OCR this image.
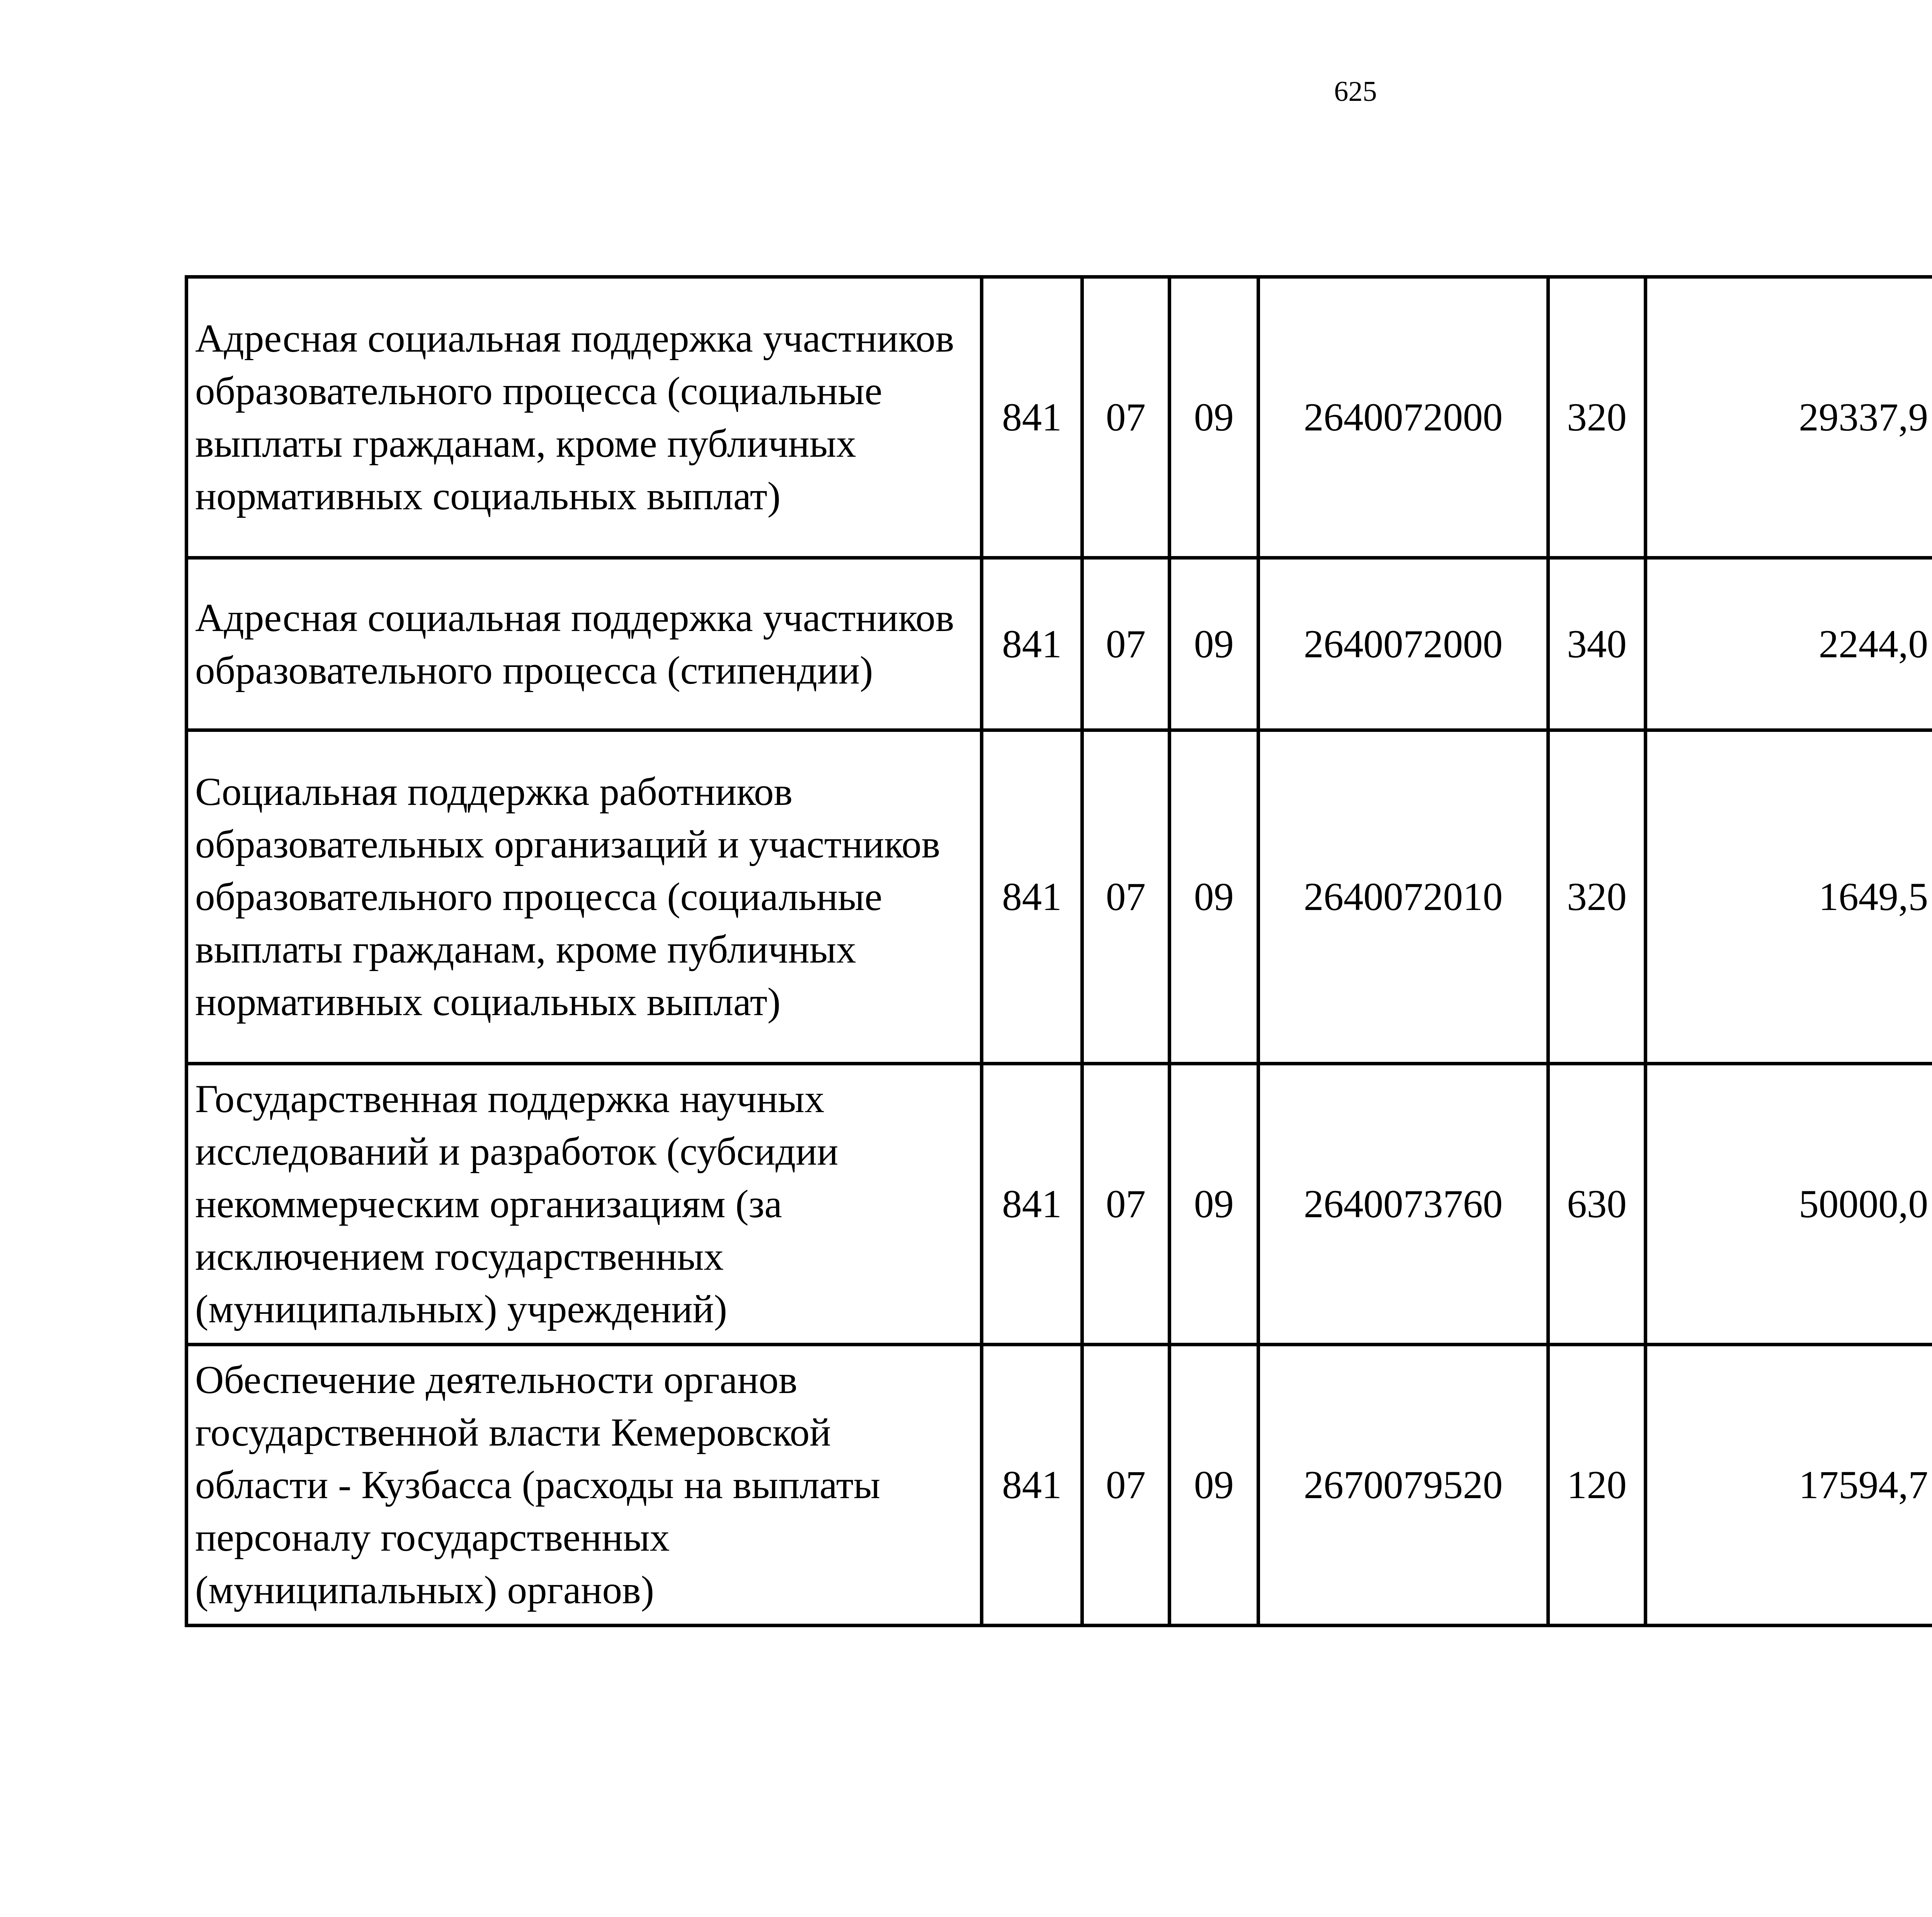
625
Адресная социальная поддержка участников образовательного процесса (социальные выплаты гражданам, кроме публичных нормативных социальных выплат)	841	07	09	2640072000	320	29337,9		
Адресная социальная поддержка участников образовательного процесса (стипендии)	841	07	09	2640072000	340	2244,0		
Социальная поддержка работников образовательных организаций и участников образовательного процесса (социальные выплаты гражданам, кроме публичных нормативных социальных выплат)	841	07	09	2640072010	320	1649,5		
Государственная поддержка научных исследований и разработок (субсидии некоммерческим организациям (за исключением государственных (муниципальных) учреждений)	841	07	09	2640073760	630	50000,0		
Обеспечение деятельности органов государственной власти Кемеровской области - Кузбасса (расходы на выплаты персоналу государственных (муниципальных) органов)	841	07	09	2670079520	120	17594,7		
